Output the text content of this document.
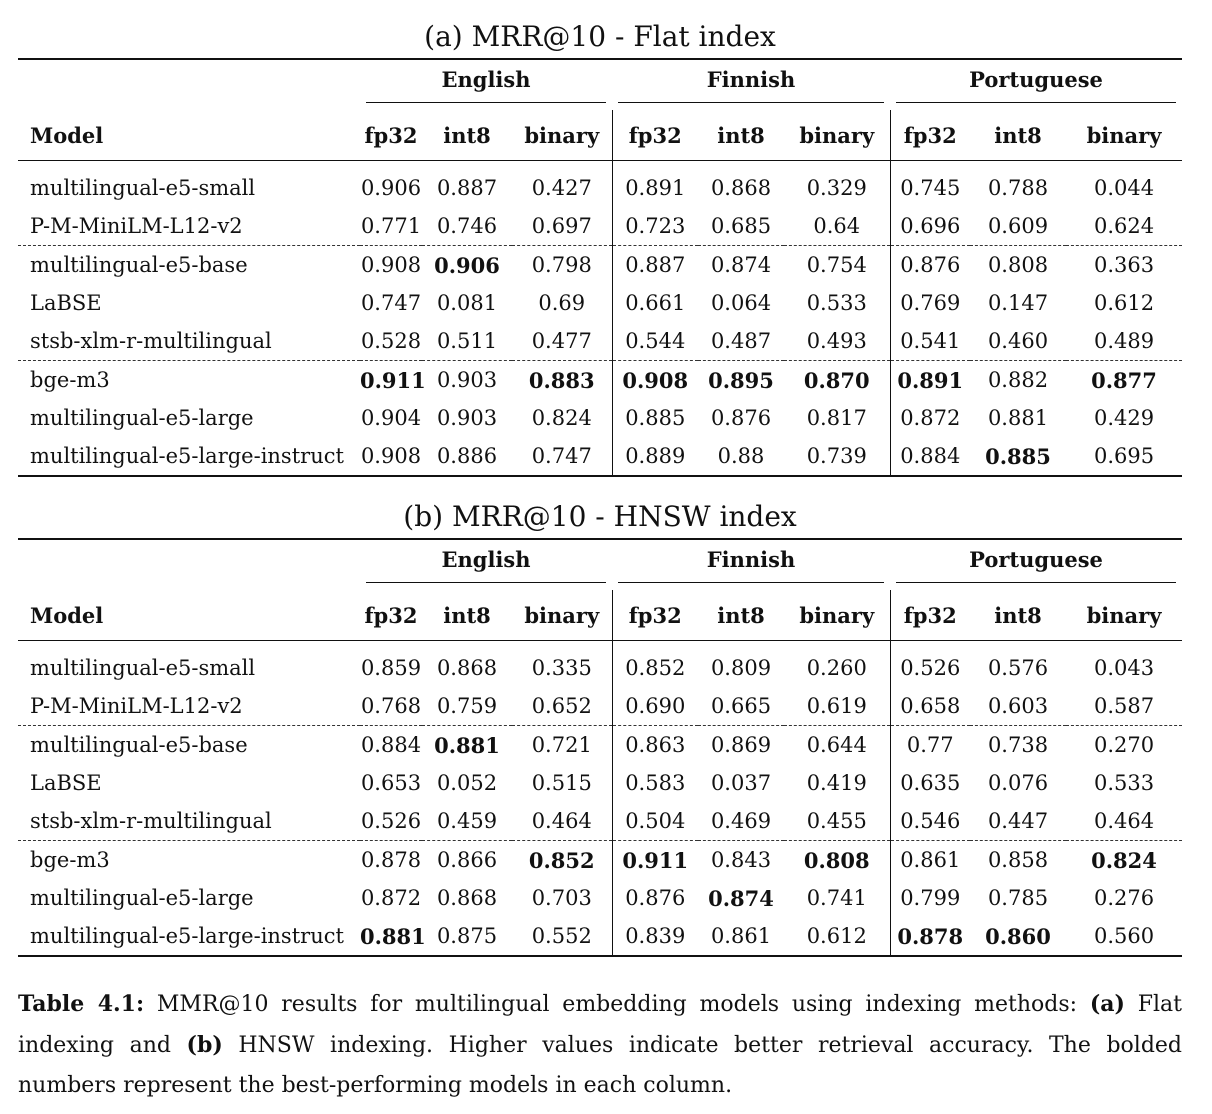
(a) MRR@10 - Flat index

	English			Finnish			Portuguese		

Model	fp32	int8	binary	fp32	int8	binary	fp32	int8	binary

multilingual-e5-small	0.906	0.887	0.427	0.891	0.868	0.329	0.745	0.788	0.044
P-M-MiniLM-L12-v2	0.771	0.746	0.697	0.723	0.685	0.64	0.696	0.609	0.624
multilingual-e5-base	0.908	0.906	0.798	0.887	0.874	0.754	0.876	0.808	0.363
LaBSE	0.747	0.081	0.69	0.661	0.064	0.533	0.769	0.147	0.612
stsb-xlm-r-multilingual	0.528	0.511	0.477	0.544	0.487	0.493	0.541	0.460	0.489
bge-m3	0.911	0.903	0.883	0.908	0.895	0.870	0.891	0.882	0.877
multilingual-e5-large	0.904	0.903	0.824	0.885	0.876	0.817	0.872	0.881	0.429
multilingual-e5-large-instruct	0.908	0.886	0.747	0.889	0.88	0.739	0.884	0.885	0.695
(b) MRR@10 - HNSW index

	English			Finnish			Portuguese		

Model	fp32	int8	binary	fp32	int8	binary	fp32	int8	binary

multilingual-e5-small	0.859	0.868	0.335	0.852	0.809	0.260	0.526	0.576	0.043
P-M-MiniLM-L12-v2	0.768	0.759	0.652	0.690	0.665	0.619	0.658	0.603	0.587
multilingual-e5-base	0.884	0.881	0.721	0.863	0.869	0.644	0.77	0.738	0.270
LaBSE	0.653	0.052	0.515	0.583	0.037	0.419	0.635	0.076	0.533
stsb-xlm-r-multilingual	0.526	0.459	0.464	0.504	0.469	0.455	0.546	0.447	0.464
bge-m3	0.878	0.866	0.852	0.911	0.843	0.808	0.861	0.858	0.824
multilingual-e5-large	0.872	0.868	0.703	0.876	0.874	0.741	0.799	0.785	0.276
multilingual-e5-large-instruct	0.881	0.875	0.552	0.839	0.861	0.612	0.878	0.860	0.560
Table 4.1: MMR@10 results for multilingual embedding models using indexing methods: (a) Flat indexing and (b) HNSW indexing. Higher values indicate better retrieval accuracy. The bolded numbers represent the best-performing models in each column.
